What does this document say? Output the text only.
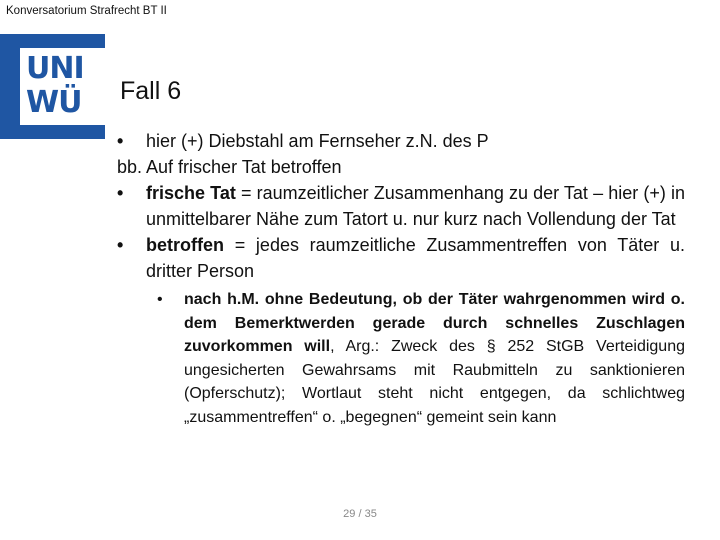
Konversatorium Strafrecht BT II
UNI
WÜ Fall 6
• hier (+) Diebstahl am Fernseher z.N. des P
bb. Auf frischer Tat betroffen
• frische Tat = raumzeitlicher Zusammenhang zu der Tat – hier (+) in unmittelbarer Nähe zum Tatort u. nur kurz nach Vollendung der Tat
• betroffen = jedes raumzeitliche Zusammentreffen von Täter u. dritter Person
• nach h.M. ohne Bedeutung, ob der Täter wahrgenommen wird o. dem Bemerktwerden gerade durch schnelles Zuschlagen zuvorkommen will, Arg.: Zweck des § 252 StGB Verteidigung ungesicherten Gewahrsams mit Raubmitteln zu sanktionieren (Opferschutz); Wortlaut steht nicht entgegen, da schlichtweg „zusammentreffen“ o. „begegnen“ gemeint sein kann
29 / 35
